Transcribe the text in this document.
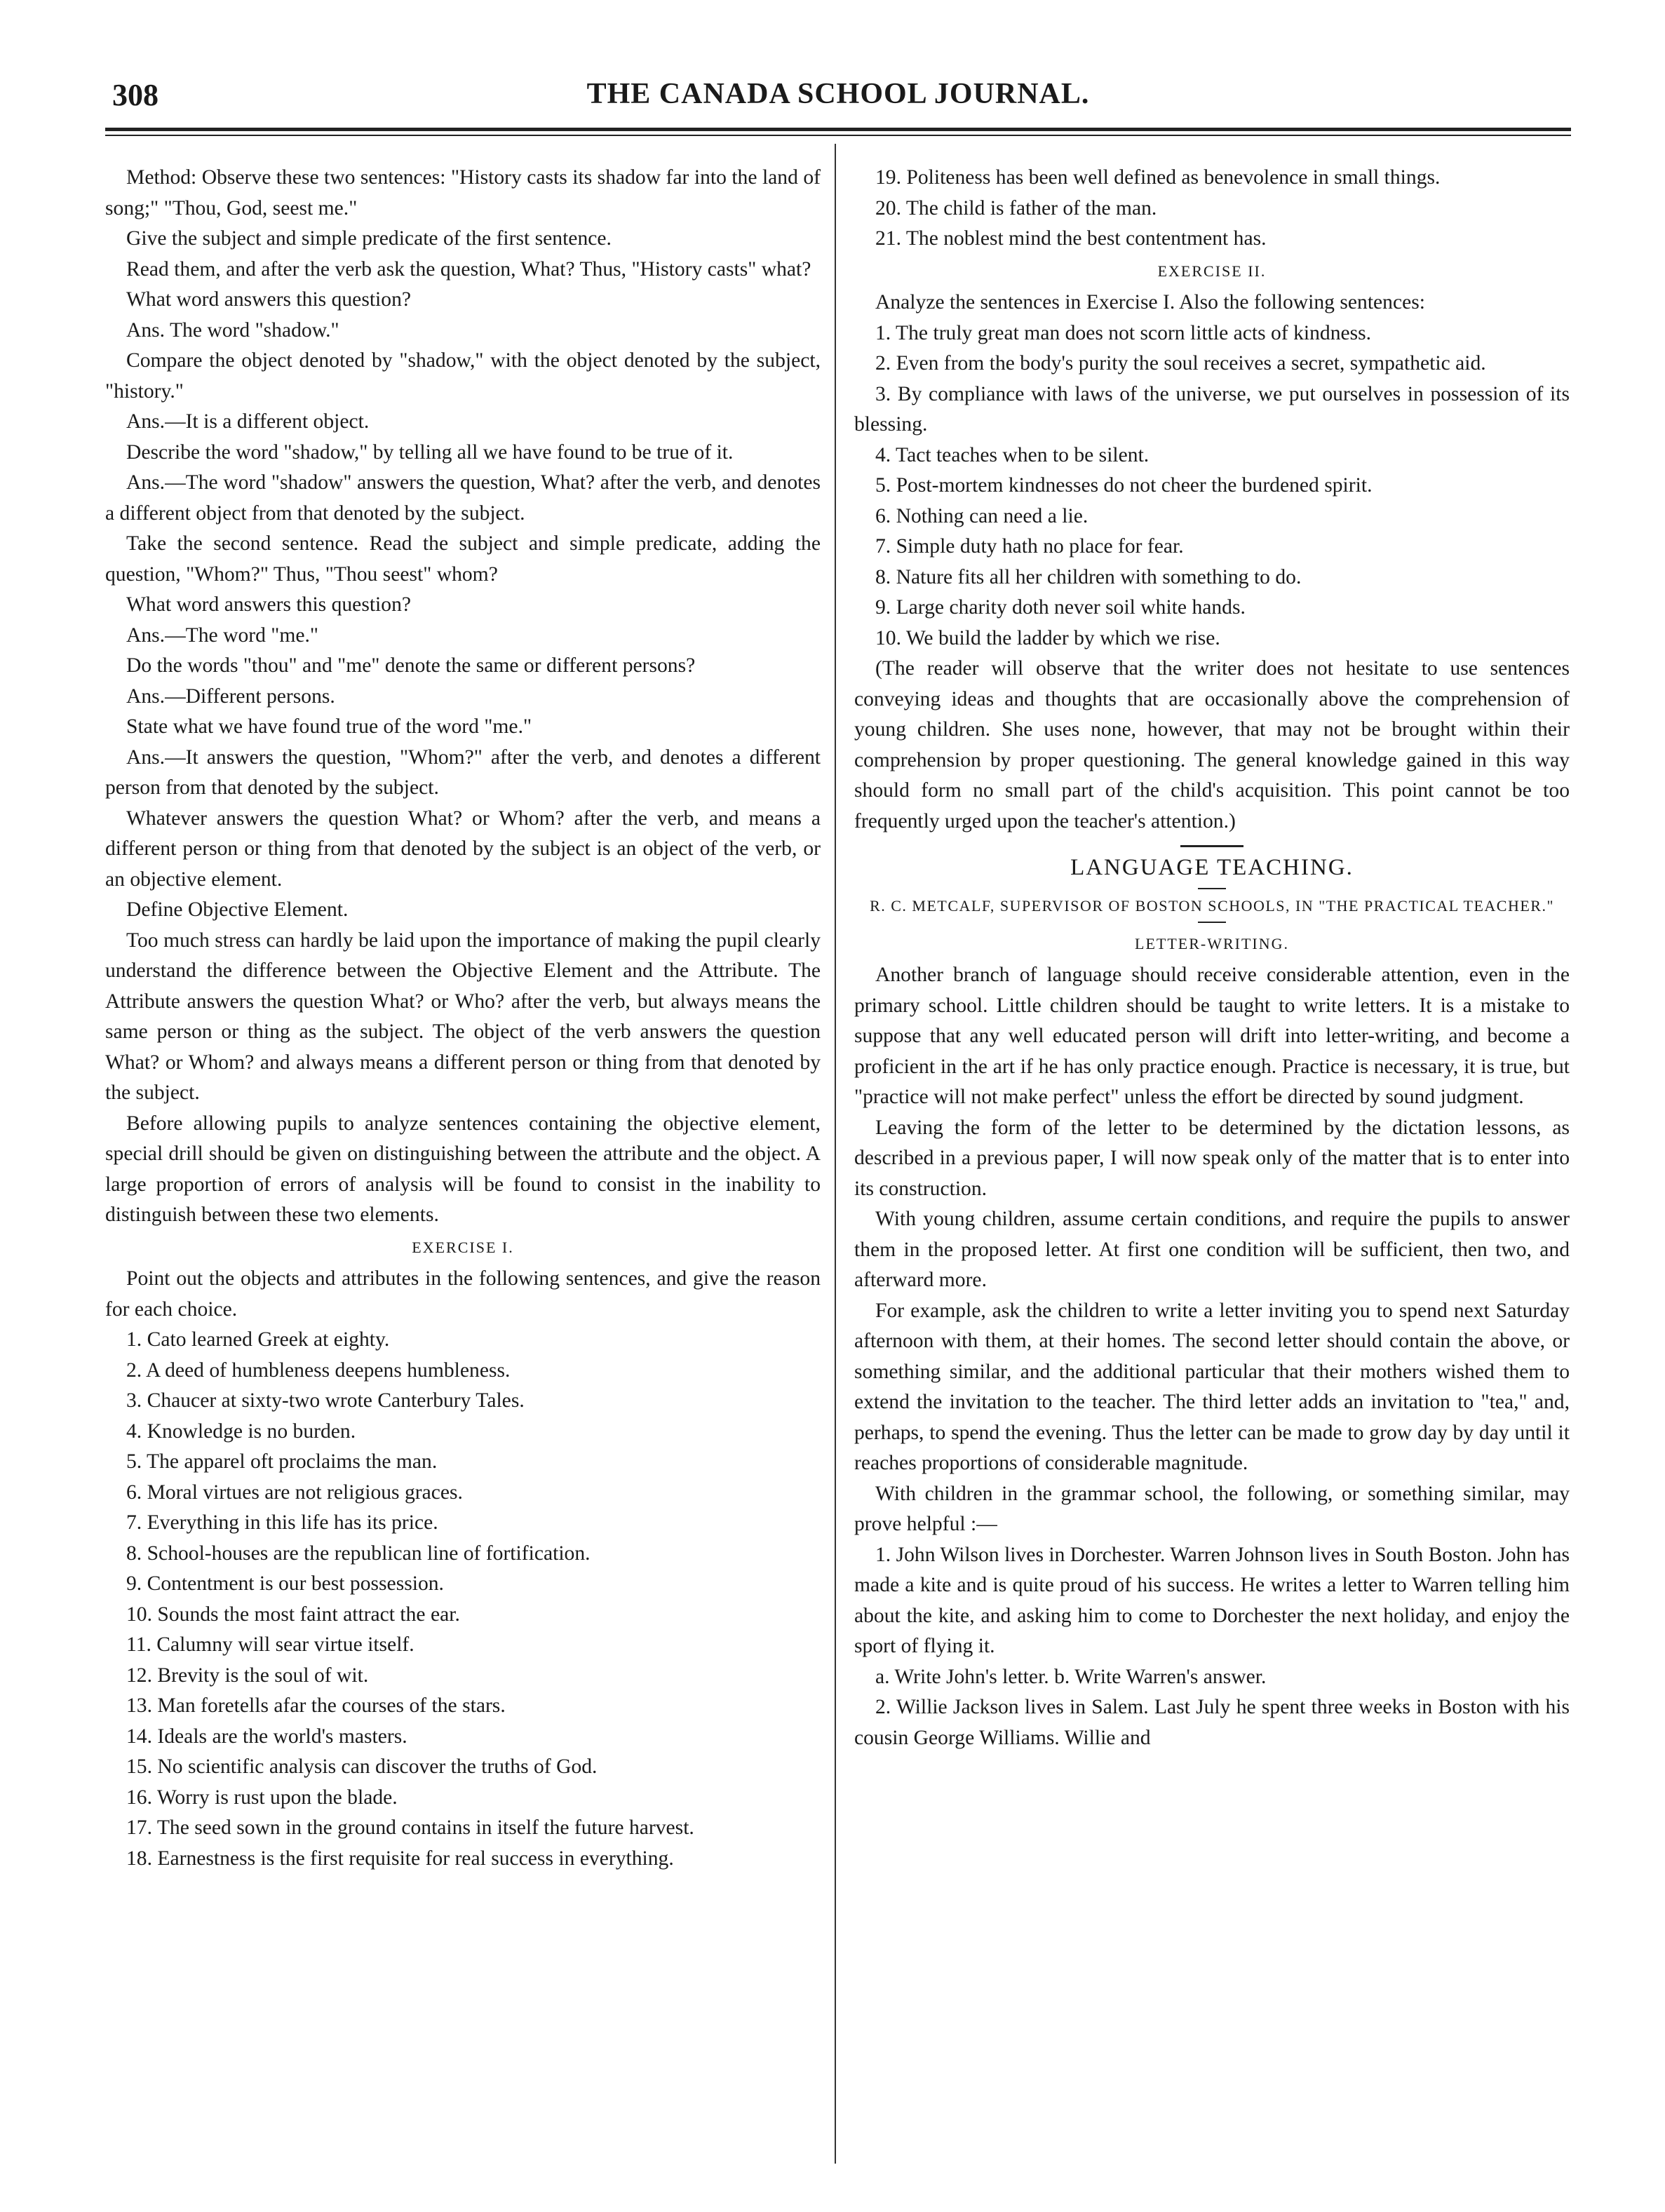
308	THE CANADA SCHOOL JOURNAL.

Method: Observe these two sentences: "History casts its shadow far into the land of song;" "Thou, God, seest me."

Give the subject and simple predicate of the first sentence.

Read them, and after the verb ask the question, What? Thus, "History casts" what?

What word answers this question?

Ans. The word "shadow."

Compare the object denoted by "shadow," with the object denoted by the subject, "history."

Ans.—It is a different object.

Describe the word "shadow," by telling all we have found to be true of it.

Ans.—The word "shadow" answers the question, What? after the verb, and denotes a different object from that denoted by the subject.

Take the second sentence. Read the subject and simple predicate, adding the question, "Whom?" Thus, "Thou seest" whom?

What word answers this question?

Ans.—The word "me."

Do the words "thou" and "me" denote the same or different persons?

Ans.—Different persons.

State what we have found true of the word "me."

Ans.—It answers the question, "Whom?" after the verb, and denotes a different person from that denoted by the subject.

Whatever answers the question What? or Whom? after the verb, and means a different person or thing from that denoted by the subject is an object of the verb, or an objective element.

Define Objective Element.

Too much stress can hardly be laid upon the importance of making the pupil clearly understand the difference between the Objective Element and the Attribute. The Attribute answers the question What? or Who? after the verb, but always means the same person or thing as the subject. The object of the verb answers the question What? or Whom? and always means a different person or thing from that denoted by the subject.

Before allowing pupils to analyze sentences containing the objective element, special drill should be given on distinguishing between the attribute and the object. A large proportion of errors of analysis will be found to consist in the inability to distinguish between these two elements.

EXERCISE I.

Point out the objects and attributes in the following sentences, and give the reason for each choice.

1. Cato learned Greek at eighty.
2. A deed of humbleness deepens humbleness.
3. Chaucer at sixty-two wrote Canterbury Tales.
4. Knowledge is no burden.
5. The apparel oft proclaims the man.
6. Moral virtues are not religious graces.
7. Everything in this life has its price.
8. School-houses are the republican line of fortification.
9. Contentment is our best possession.
10. Sounds the most faint attract the ear.
11. Calumny will sear virtue itself.
12. Brevity is the soul of wit.
13. Man foretells afar the courses of the stars.
14. Ideals are the world's masters.
15. No scientific analysis can discover the truths of God.
16. Worry is rust upon the blade.

17. The seed sown in the ground contains in itself the future harvest.

18. Earnestness is the first requisite for real success in everything.

19. Politeness has been well defined as benevolence in small things.

20. The child is father of the man.
21. The noblest mind the best contentment has.
EXERCISE II.

Analyze the sentences in Exercise I. Also the following sentences:

1. The truly great man does not scorn little acts of kindness.

2. Even from the body's purity the soul receives a secret, sympathetic aid.

3. By compliance with laws of the universe, we put ourselves in possession of its blessing.

4. Tact teaches when to be silent.
5. Post-mortem kindnesses do not cheer the burdened spirit.
6. Nothing can need a lie.
7. Simple duty hath no place for fear.
8. Nature fits all her children with something to do.
9. Large charity doth never soil white hands.
10. We build the ladder by which we rise.

(The reader will observe that the writer does not hesitate to use sentences conveying ideas and thoughts that are occasionally above the comprehension of young children. She uses none, however, that may not be brought within their comprehension by proper questioning. The general knowledge gained in this way should form no small part of the child's acquisition. This point cannot be too frequently urged upon the teacher's attention.)

LANGUAGE TEACHING.
R. C. METCALF, SUPERVISOR OF BOSTON SCHOOLS, IN "THE PRACTICAL TEACHER."
LETTER-WRITING.

Another branch of language should receive considerable attention, even in the primary school. Little children should be taught to write letters. It is a mistake to suppose that any well educated person will drift into letter-writing, and become a proficient in the art if he has only practice enough. Practice is necessary, it is true, but "practice will not make perfect" unless the effort be directed by sound judgment.

Leaving the form of the letter to be determined by the dictation lessons, as described in a previous paper, I will now speak only of the matter that is to enter into its construction.

With young children, assume certain conditions, and require the pupils to answer them in the proposed letter. At first one condition will be sufficient, then two, and afterward more.

For example, ask the children to write a letter inviting you to spend next Saturday afternoon with them, at their homes. The second letter should contain the above, or something similar, and the additional particular that their mothers wished them to extend the invitation to the teacher. The third letter adds an invitation to "tea," and, perhaps, to spend the evening. Thus the letter can be made to grow day by day until it reaches proportions of considerable magnitude.

With children in the grammar school, the following, or something similar, may prove helpful :—

1. John Wilson lives in Dorchester. Warren Johnson lives in South Boston. John has made a kite and is quite proud of his success. He writes a letter to Warren telling him about the kite, and asking him to come to Dorchester the next holiday, and enjoy the sport of flying it.

a. Write John's letter. b. Write Warren's answer.

2. Willie Jackson lives in Salem. Last July he spent three weeks in Boston with his cousin George Williams. Willie and
